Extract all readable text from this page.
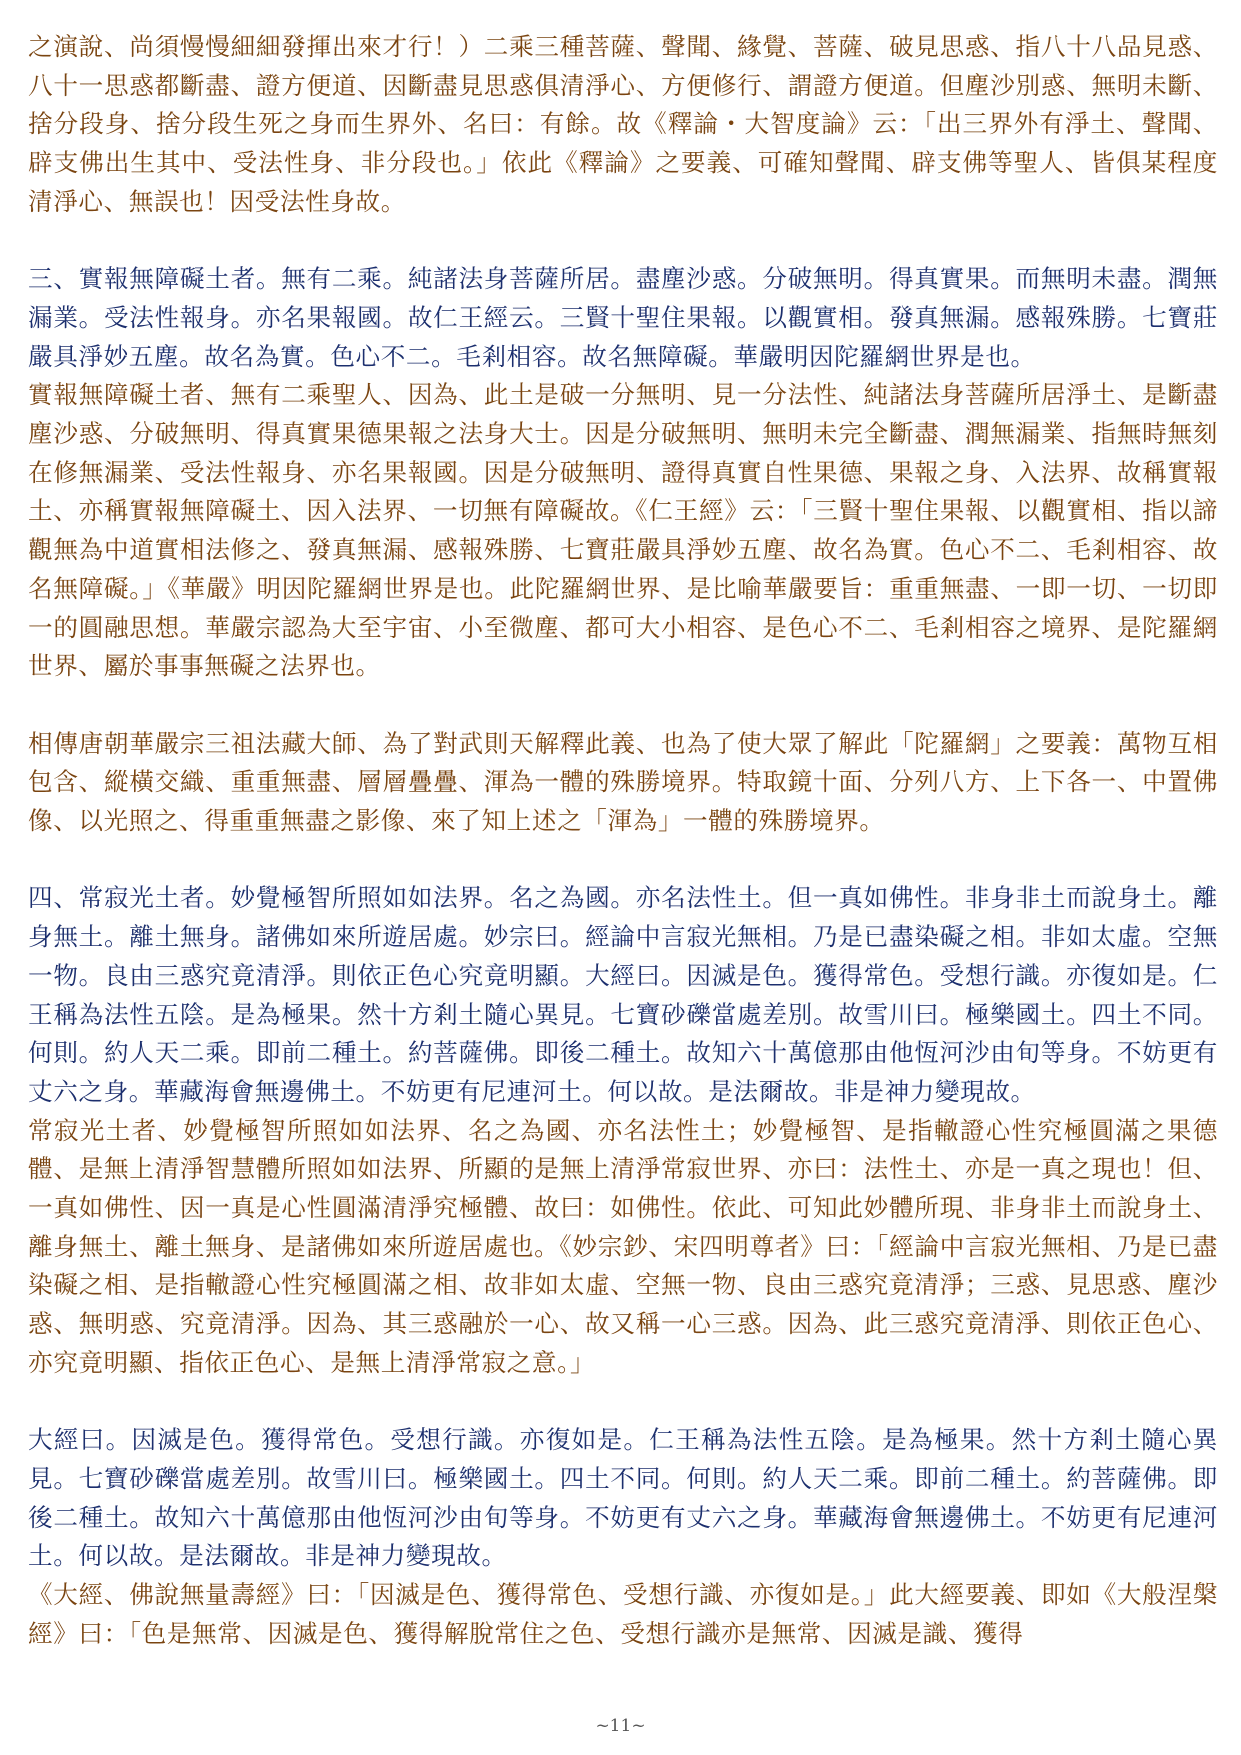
之演說、尚須慢慢細細發揮出來才行！）二乘三種菩薩、聲聞、緣覺、菩薩、破見思惑、指八十八品見惑、八十一思惑都斷盡、證方便道、因斷盡見思惑俱清淨心、方便修行、謂證方便道。但塵沙別惑、無明未斷、捨分段身、捨分段生死之身而生界外、名曰：有餘。故《釋論・大智度論》云：「出三界外有淨土、聲聞、辟支佛出生其中、受法性身、非分段也。」依此《釋論》之要義、可確知聲聞、辟支佛等聖人、皆俱某程度清淨心、無誤也！因受法性身故。

三、實報無障礙土者。無有二乘。純諸法身菩薩所居。盡塵沙惑。分破無明。得真實果。而無明未盡。潤無漏業。受法性報身。亦名果報國。故仁王經云。三賢十聖住果報。以觀實相。發真無漏。感報殊勝。七寶莊嚴具淨妙五塵。故名為實。色心不二。毛剎相容。故名無障礙。華嚴明因陀羅網世界是也。

實報無障礙土者、無有二乘聖人、因為、此土是破一分無明、見一分法性、純諸法身菩薩所居淨土、是斷盡塵沙惑、分破無明、得真實果德果報之法身大士。因是分破無明、無明未完全斷盡、潤無漏業、指無時無刻在修無漏業、受法性報身、亦名果報國。因是分破無明、證得真實自性果德、果報之身、入法界、故稱實報土、亦稱實報無障礙土、因入法界、一切無有障礙故。《仁王經》云：「三賢十聖住果報、以觀實相、指以諦觀無為中道實相法修之、發真無漏、感報殊勝、七寶莊嚴具淨妙五塵、故名為實。色心不二、毛剎相容、故名無障礙。」《華嚴》明因陀羅網世界是也。此陀羅網世界、是比喻華嚴要旨：重重無盡、一即一切、一切即一的圓融思想。華嚴宗認為大至宇宙、小至微塵、都可大小相容、是色心不二、毛剎相容之境界、是陀羅網世界、屬於事事無礙之法界也。

相傳唐朝華嚴宗三祖法藏大師、為了對武則天解釋此義、也為了使大眾了解此「陀羅網」之要義：萬物互相包含、縱橫交織、重重無盡、層層疊疊、渾為一體的殊勝境界。特取鏡十面、分列八方、上下各一、中置佛像、以光照之、得重重無盡之影像、來了知上述之「渾為」一體的殊勝境界。

四、常寂光土者。妙覺極智所照如如法界。名之為國。亦名法性土。但一真如佛性。非身非土而說身土。離身無土。離土無身。諸佛如來所遊居處。妙宗曰。經論中言寂光無相。乃是已盡染礙之相。非如太虛。空無一物。良由三惑究竟清淨。則依正色心究竟明顯。大經曰。因滅是色。獲得常色。受想行識。亦復如是。仁王稱為法性五陰。是為極果。然十方剎土隨心異見。七寶砂礫當處差別。故雪川曰。極樂國土。四土不同。何則。約人天二乘。即前二種土。約菩薩佛。即後二種土。故知六十萬億那由他恆河沙由旬等身。不妨更有丈六之身。華藏海會無邊佛土。不妨更有尼連河土。何以故。是法爾故。非是神力變現故。

常寂光土者、妙覺極智所照如如法界、名之為國、亦名法性土；妙覺極智、是指轍證心性究極圓滿之果德體、是無上清淨智慧體所照如如法界、所顯的是無上清淨常寂世界、亦曰：法性土、亦是一真之現也！但、一真如佛性、因一真是心性圓滿清淨究極體、故曰：如佛性。依此、可知此妙體所現、非身非土而說身土、離身無土、離土無身、是諸佛如來所遊居處也。《妙宗鈔、宋四明尊者》曰：「經論中言寂光無相、乃是已盡染礙之相、是指轍證心性究極圓滿之相、故非如太虛、空無一物、良由三惑究竟清淨；三惑、見思惑、塵沙惑、無明惑、究竟清淨。因為、其三惑融於一心、故又稱一心三惑。因為、此三惑究竟清淨、則依正色心、亦究竟明顯、指依正色心、是無上清淨常寂之意。」

大經曰。因滅是色。獲得常色。受想行識。亦復如是。仁王稱為法性五陰。是為極果。然十方剎土隨心異見。七寶砂礫當處差別。故雪川曰。極樂國土。四土不同。何則。約人天二乘。即前二種土。約菩薩佛。即後二種土。故知六十萬億那由他恆河沙由旬等身。不妨更有丈六之身。華藏海會無邊佛土。不妨更有尼連河土。何以故。是法爾故。非是神力變現故。

《大經、佛說無量壽經》曰：「因滅是色、獲得常色、受想行識、亦復如是。」此大經要義、即如《大般涅槃經》曰：「色是無常、因滅是色、獲得解脫常住之色、受想行識亦是無常、因滅是識、獲得

~11~
